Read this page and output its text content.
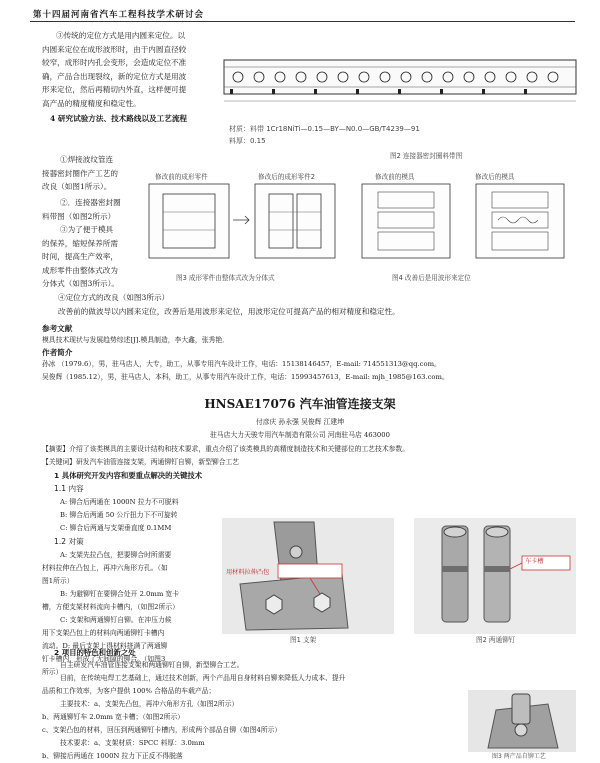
第十四届河南省汽车工程科技学术研讨会
③传统的定位方式是用内圆来定位。以
内圆来定位在成形波形时，由于内圆直径较
较窄，成形时内孔会变形，会造成定位不准
确，产品合出现裂纹，新的定位方式是用波
形来定位，然后再精切内外直，这样便可提
高产品的精度精度和稳定性。
4 研究试验方法、技术路线以及工艺流程
①焊接波纹管连
接器密封圈作产工艺的
改良（如图1所示）。
②．连接器密封圈
料带图（如图2所示）
③为了便于模具
的保养，缩短保养所需
时间，提高生产效率，
成形零件由整体式改为
分体式（如图3所示）。
④定位方式的改良（如图3所示）
改善前的做波导以内圆来定位，改善后是用波形来定位，用波形定位可提高产品的相对精度和稳定性。
材质：料带 1Cr18NiTi—0.15—BY—N0.0—GB/T4239—91
料厚：0.15
图2 连接器密封圈料带图
修改前的成形零件	修改后的成形零件2
图3 成形零件由整体式改为分体式
修改前的模具	修改后的模具
图4 改善后是用波形来定位
参考文献
模具技术现状与发展趋势综述[J].模具制造，李大鑫，张秀艳．
作者简介
孙冰 （1979.6），男，驻马店人，大专，助工，从事专用汽车设计工作，电话：15138146457，E-mail: 714551313@qq.com。
吴俊辉（1985.12），男，驻马店人，本科，助工，从事专用汽车设计工作，电话：15993457613，E-mail: mjh_1985@163.com。
HNSAE17076 汽车油管连接支架
付彦庆 孙永强 吴俊辉 江建坤
驻马店大力天骏专用汽车制造有限公司 河南驻马店 463000
【摘要】介绍了该类模具的主要设计结构和技术要求，重点介绍了该类模具的高精度制造技术和关键部位的工艺技术参数。
【关键词】研发汽车油管连接支架，两通铆钉自铆，新型铆合工艺
1 具体研究开发内容和要重点解决的关键技术
1.1 内容
A: 铆合后两通在 1000N 拉力不可脱料
B: 铆合后两通 50 公斤扭力下不可旋转
C: 铆合后两通与支架垂直度 0.1MM
1.2 对策
A: 支架先拉凸包，把要铆合时所需要
材料拉伸在凸包上，再冲六角形方孔。（如
图1所示）
B: 为避铆钉在要铆合处开 2.0mm 宽卡
槽，方便支架材料流向卡槽内，（如图2所示）
C: 支架和两通铆钉自铆。在冲压力候
用下支架凸包上的材料向两通铆钉卡槽内
流动。D: 最后支架上得材料挤满了两通铆
钉卡槽内，形成了无间隙的铆合。（如图3
所示）
用材料拉伸凸包
图1 支架
车卡槽
图2 两通铆钉
2 项目的特色和创新之处
自主研发汽车油管连接支架和两通铆钉自铆，新型铆合工艺。
目前，在传统电焊工艺基础上，通过技术创新，两个产品用自身材料自铆来降低人力成本、提升
品质和工作效率，为客户提供 100% 合格品的车载产品；
主要技术：a、支架先凸包，再冲六角形方孔（如图2所示）
b、两通铆钉车 2.0mm 宽卡槽；（如图2所示）
c、支架凸包的材料，回压到两通铆钉卡槽内，形成两个部品自铆（如图4所示）
技术要求：a、支架材质：SPCC 料厚：3.0mm
b、铆接后两通在 1000N 拉力下正反不得脱落	图3 两产品自铆工艺
